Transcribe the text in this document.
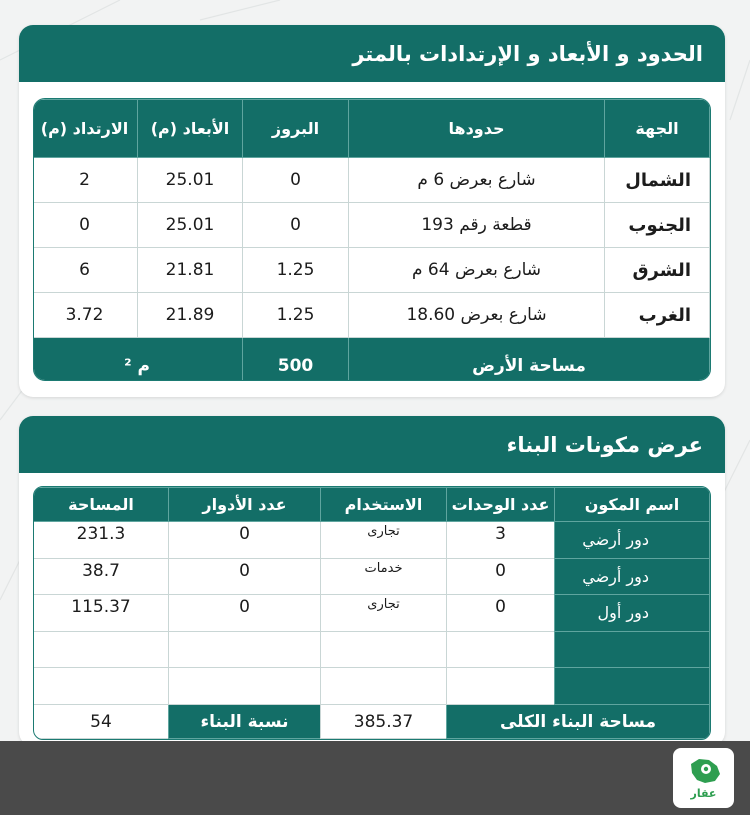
الحدود و الأبعاد و الإرتدادات بالمتر
الجهة	حدودها	البروز	الأبعاد (م)	الارتداد (م)
الشمال	شارع بعرض 6 م	0	25.01	2
الجنوب	قطعة رقم 193	0	25.01	0
الشرق	شارع بعرض 64 م	1.25	21.81	6
الغرب	شارع بعرض 18.60	1.25	21.89	3.72
مساحة الأرض		500	م ²	
عرض مكونات البناء
اسم المكون	عدد الوحدات	الاستخدام	عدد الأدوار	المساحة
دور أرضي	3	تجارى	0	231.3
دور أرضي	0	خدمات	0	38.7
دور أول	0	تجارى	0	115.37

مساحة البناء الكلى		385.37	نسبة البناء	54
عقار
